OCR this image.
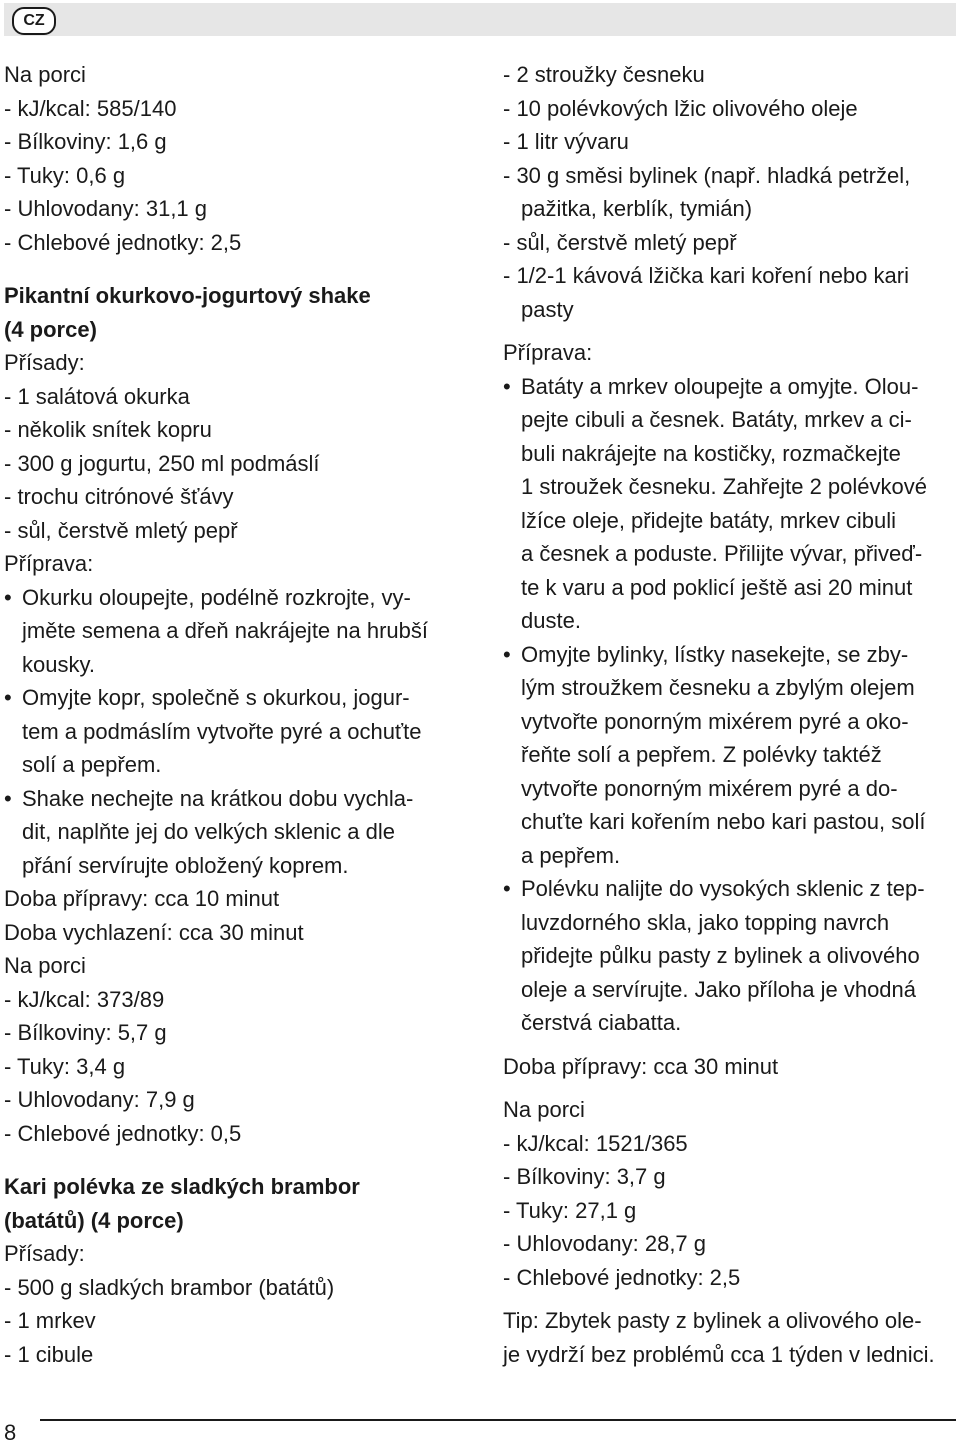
CZ
Na porci
- kJ/kcal: 585/140
- Bílkoviny: 1,6 g
- Tuky: 0,6 g
- Uhlovodany: 31,1 g
- Chlebové jednotky: 2,5
Pikantní okurkovo-jogurtový shake
(4 porce)
Přísady:
- 1 salátová okurka
- několik snítek kopru
- 300 g jogurtu, 250 ml podmáslí
- trochu citrónové šťávy
- sůl, čerstvě mletý pepř
Příprava:
• Okurku oloupejte, podélně rozkrojte, vy-
jměte semena a dřeň nakrájejte na hrubší
kousky.
• Omyjte kopr, společně s okurkou, jogur-
tem a podmáslím vytvořte pyré a ochuťte
solí a pepřem.
• Shake nechejte na krátkou dobu vychla-
dit, naplňte jej do velkých sklenic a dle
přání servírujte obložený koprem.
Doba přípravy: cca 10 minut
Doba vychlazení: cca 30 minut
Na porci
- kJ/kcal: 373/89
- Bílkoviny: 5,7 g
- Tuky: 3,4 g
- Uhlovodany: 7,9 g
- Chlebové jednotky: 0,5
Kari polévka ze sladkých brambor
(batátů) (4 porce)
Přísady:
- 500 g sladkých brambor (batátů)
- 1 mrkev
- 1 cibule
- 2 stroužky česneku
- 10 polévkových lžic olivového oleje
- 1 litr vývaru
- 30 g směsi bylinek (např. hladká petržel,
pažitka, kerblík, tymián)
- sůl, čerstvě mletý pepř
- 1/2-1 kávová lžička kari koření nebo kari
pasty
Příprava:
• Batáty a mrkev oloupejte a omyjte. Olou-
pejte cibuli a česnek. Batáty, mrkev a ci-
buli nakrájejte na kostičky, rozmačkejte
1 stroužek česneku. Zahřejte 2 polévkové
lžíce oleje, přidejte batáty, mrkev cibuli
a česnek a poduste. Přilijte vývar, přiveď-
te k varu a pod poklicí ještě asi 20 minut
duste.
• Omyjte bylinky, lístky nasekejte, se zby-
lým stroužkem česneku a zbylým olejem
vytvořte ponorným mixérem pyré a oko-
řeňte solí a pepřem. Z polévky taktéž
vytvořte ponorným mixérem pyré a do-
chuťte kari kořením nebo kari pastou, solí
a pepřem.
• Polévku nalijte do vysokých sklenic z tep-
luvzdorného skla, jako topping navrch
přidejte půlku pasty z bylinek a olivového
oleje a servírujte. Jako příloha je vhodná
čerstvá ciabatta.
Doba přípravy: cca 30 minut
Na porci
- kJ/kcal: 1521/365
- Bílkoviny: 3,7 g
- Tuky: 27,1 g
- Uhlovodany: 28,7 g
- Chlebové jednotky: 2,5
Tip: Zbytek pasty z bylinek a olivového ole-
je vydrží bez problémů cca 1 týden v lednici.
8
